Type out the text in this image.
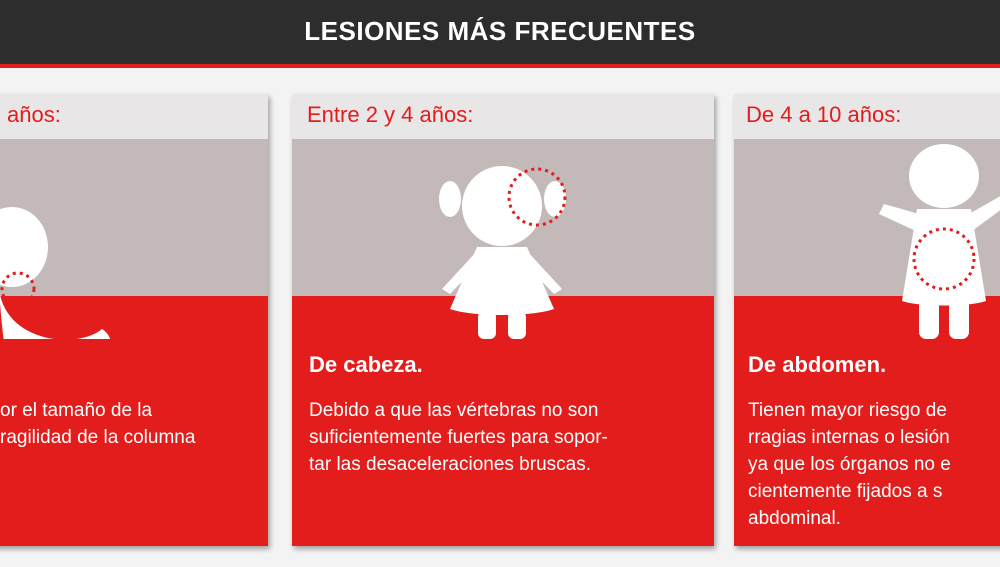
LESIONES MÁS FRECUENTES
años:
or el tamaño de la
ragilidad de la columna
Entre 2 y 4 años:
De cabeza.
Debido a que las vértebras no son
suficientemente fuertes para sopor-
tar las desaceleraciones bruscas.
De 4 a 10 años:
De abdomen.
Tienen mayor riesgo de
rragias internas o lesión
ya que los órganos no e
cientemente fijados a s
abdominal.
